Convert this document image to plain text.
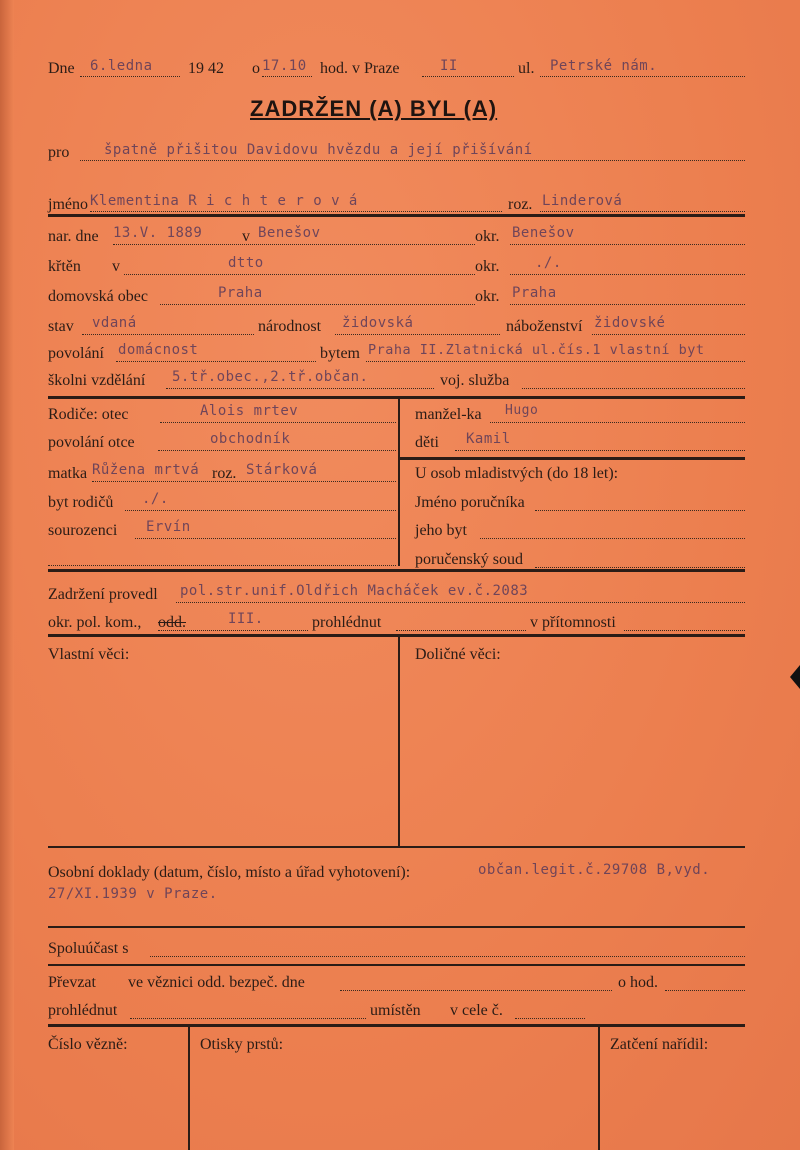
Dne 6.ledna 19 42 o 17.10 hod. v Praze	II	ul. Petrské nám.
ZADRŽEN (A) BYL (A)
pro špatně přišitou Davidovu hvězdu a její přišívání
jméno Klementina R i c h t e r o v á	roz. Linderová
nar. dne 13.V. 1889 v Benešov	okr. Benešov
křtěn v	dtto	okr.	./.
domovská obec	Praha	okr. Praha
stav vdaná	národnost židovská	náboženství židovské
povolání domácnost	bytem Praha II.Zlatnická ul.čís.1 vlastní byt
školni vzdělání 5.tř.obec.,2.tř.občan.	voj. služba
Rodiče: otec	Alois mrtev	manžel-ka Hugo
povolání otce	obchodník	děti Kamil
matka Růžena mrtvá roz. Stárková	U osob mladistvých (do 18 let):
byt rodičů ./.	Jméno poručníka
sourozenci Ervín	jeho byt
poručenský soud
Zadržení provedl pol.str.unif.Oldřich Macháček ev.č.2083
okr. pol. kom., odd.	III.	prohlédnut	v přítomnosti
Vlastní věci:	Doličné věci:
Osobní doklady (datum, číslo, místo a úřad vyhotovení):	občan.legit.č.29708 B,vyd.
27/XI.1939 v Praze.
Spoluúčast s
Převzat ve věznici odd. bezpeč. dne	o hod.
prohlédnut	umístěn v cele č.
Číslo vězně:	Otisky prstů:	Zatčení nařídil:
